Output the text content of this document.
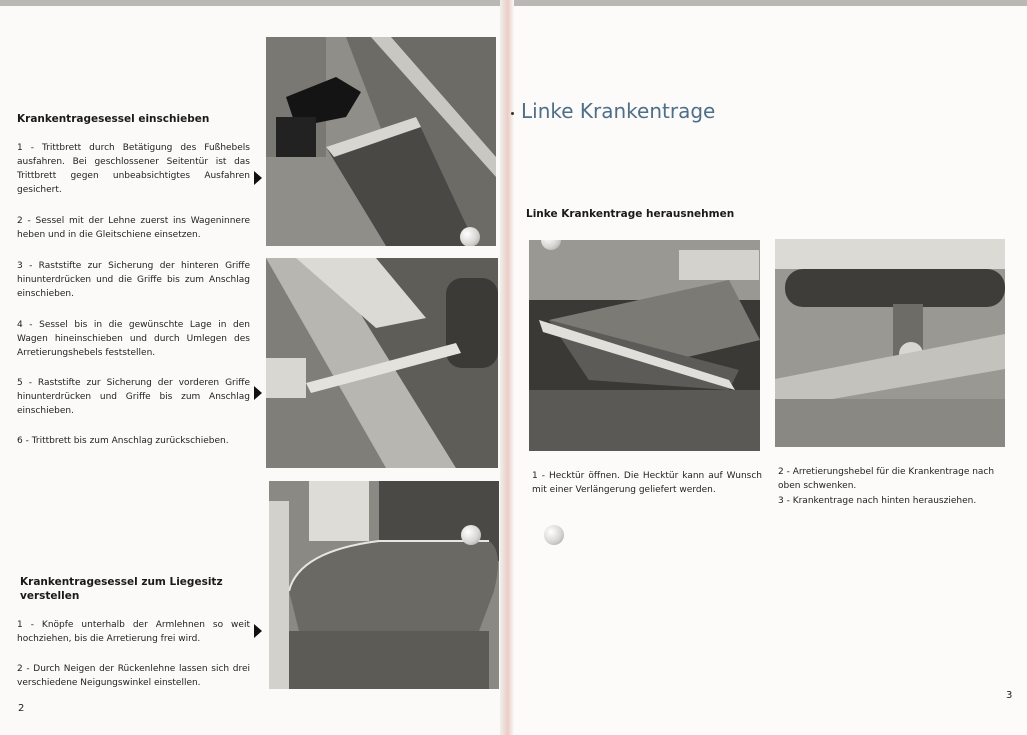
Krankentragesessel einschieben
1 - Trittbrett durch Betätigung des Fußhebels ausfahren. Bei geschlossener Seitentür ist das Trittbrett gegen unbeabsichtigtes Ausfahren gesichert.
2 - Sessel mit der Lehne zuerst ins Wageninnere heben und in die Gleitschiene einsetzen.
3 - Raststifte zur Sicherung der hinteren Griffe hinunterdrücken und die Griffe bis zum Anschlag einschieben.
4 - Sessel bis in die gewünschte Lage in den Wagen hineinschieben und durch Umlegen des Arretierungshebels feststellen.
5 - Raststifte zur Sicherung der vorderen Griffe hinunterdrücken und Griffe bis zum Anschlag einschieben.
6 - Trittbrett bis zum Anschlag zurückschieben.
Krankentragesessel zum Liegesitz
verstellen
1 - Knöpfe unterhalb der Armlehnen so weit hochziehen, bis die Arretierung frei wird.
2 - Durch Neigen der Rückenlehne lassen sich drei verschiedene Neigungswinkel einstellen.
2
Linke Krankentrage
Linke Krankentrage herausnehmen
1 - Hecktür öffnen. Die Hecktür kann auf Wunsch mit einer Verlängerung geliefert werden.
2 - Arretierungshebel für die Krankentrage nach oben schwenken.
3 - Krankentrage nach hinten herausziehen.
3
